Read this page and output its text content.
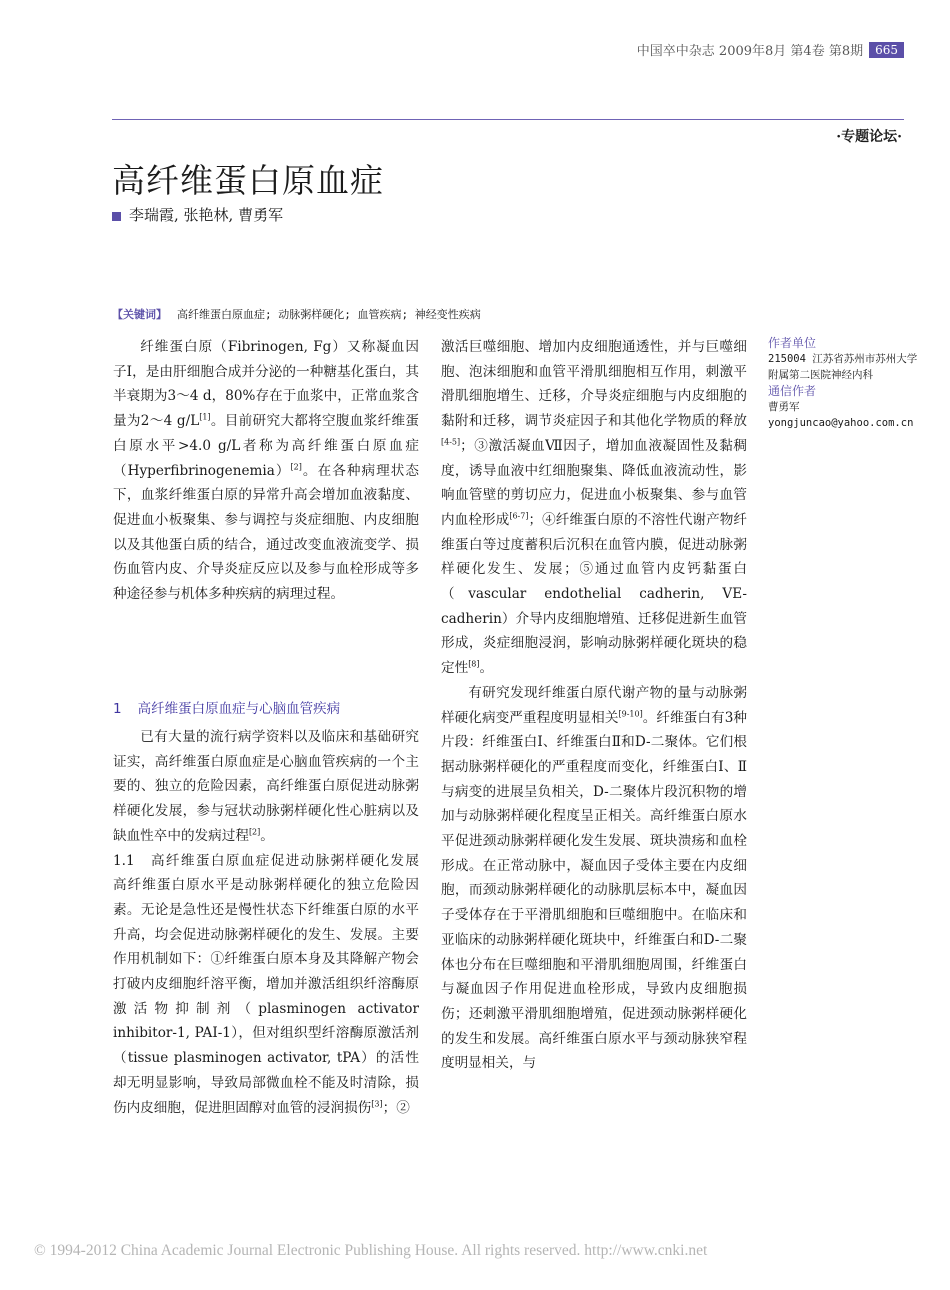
中国卒中杂志 2009年8月 第4卷 第8期	665
·专题论坛·
高纤维蛋白原血症
李瑞霞, 张艳林, 曹勇军
【关键词】 高纤维蛋白原血症; 动脉粥样硬化; 血管疾病; 神经变性疾病

纤维蛋白原（Fibrinogen, Fg）又称凝血因子Ⅰ，是由肝细胞合成并分泌的一种糖基化蛋白，其半衰期为3～4 d，80%存在于血浆中，正常血浆含量为2～4 g/L[1]。目前研究大都将空腹血浆纤维蛋白原水平>4.0 g/L者称为高纤维蛋白原血症（Hyperfibrinogenemia）[2]。在各种病理状态下，血浆纤维蛋白原的异常升高会增加血液黏度、促进血小板聚集、参与调控与炎症细胞、内皮细胞以及其他蛋白质的结合，通过改变血液流变学、损伤血管内皮、介导炎症反应以及参与血栓形成等多种途径参与机体多种疾病的病理过程。

1 高纤维蛋白原血症与心脑血管疾病

已有大量的流行病学资料以及临床和基础研究证实，高纤维蛋白原血症是心脑血管疾病的一个主要的、独立的危险因素，高纤维蛋白原促进动脉粥样硬化发展，参与冠状动脉粥样硬化性心脏病以及缺血性卒中的发病过程[2]。

1.1　高纤维蛋白原血症促进动脉粥样硬化发展　高纤维蛋白原水平是动脉粥样硬化的独立危险因素。无论是急性还是慢性状态下纤维蛋白原的水平升高，均会促进动脉粥样硬化的发生、发展。主要作用机制如下：①纤维蛋白原本身及其降解产物会打破内皮细胞纤溶平衡，增加并激活组织纤溶酶原激活物抑制剂（plasminogen activator inhibitor-1, PAI-1），但对组织型纤溶酶原激活剂（tissue plasminogen activator, tPA）的活性却无明显影响，导致局部微血栓不能及时清除，损伤内皮细胞，促进胆固醇对血管的浸润损伤[3]；②

激活巨噬细胞、增加内皮细胞通透性，并与巨噬细胞、泡沫细胞和血管平滑肌细胞相互作用，刺激平滑肌细胞增生、迁移，介导炎症细胞与内皮细胞的黏附和迁移，调节炎症因子和其他化学物质的释放[4-5]；③激活凝血Ⅶ因子，增加血液凝固性及黏稠度，诱导血液中红细胞聚集、降低血液流动性，影响血管壁的剪切应力，促进血小板聚集、参与血管内血栓形成[6-7]；④纤维蛋白原的不溶性代谢产物纤维蛋白等过度蓄积后沉积在血管内膜，促进动脉粥样硬化发生、发展；⑤通过血管内皮钙黏蛋白（vascular endothelial cadherin, VE-cadherin）介导内皮细胞增殖、迁移促进新生血管形成，炎症细胞浸润，影响动脉粥样硬化斑块的稳定性[8]。

有研究发现纤维蛋白原代谢产物的量与动脉粥样硬化病变严重程度明显相关[9-10]。纤维蛋白有3种片段：纤维蛋白Ⅰ、纤维蛋白Ⅱ和D-二聚体。它们根据动脉粥样硬化的严重程度而变化，纤维蛋白Ⅰ、Ⅱ与病变的进展呈负相关，D-二聚体片段沉积物的增加与动脉粥样硬化程度呈正相关。高纤维蛋白原水平促进颈动脉粥样硬化发生发展、斑块溃疡和血栓形成。在正常动脉中，凝血因子受体主要在内皮细胞，而颈动脉粥样硬化的动脉肌层标本中，凝血因子受体存在于平滑肌细胞和巨噬细胞中。在临床和亚临床的动脉粥样硬化斑块中，纤维蛋白和D-二聚体也分布在巨噬细胞和平滑肌细胞周围，纤维蛋白与凝血因子作用促进血栓形成，导致内皮细胞损伤；还刺激平滑肌细胞增殖，促进颈动脉粥样硬化的发生和发展。高纤维蛋白原水平与颈动脉狭窄程度明显相关，与

作者单位
215004 江苏省苏州市苏州大学附属第二医院神经内科
通信作者
曹勇军
yongjuncao@yahoo.com.cn
© 1994-2012 China Academic Journal Electronic Publishing House. All rights reserved. http://www.cnki.net
